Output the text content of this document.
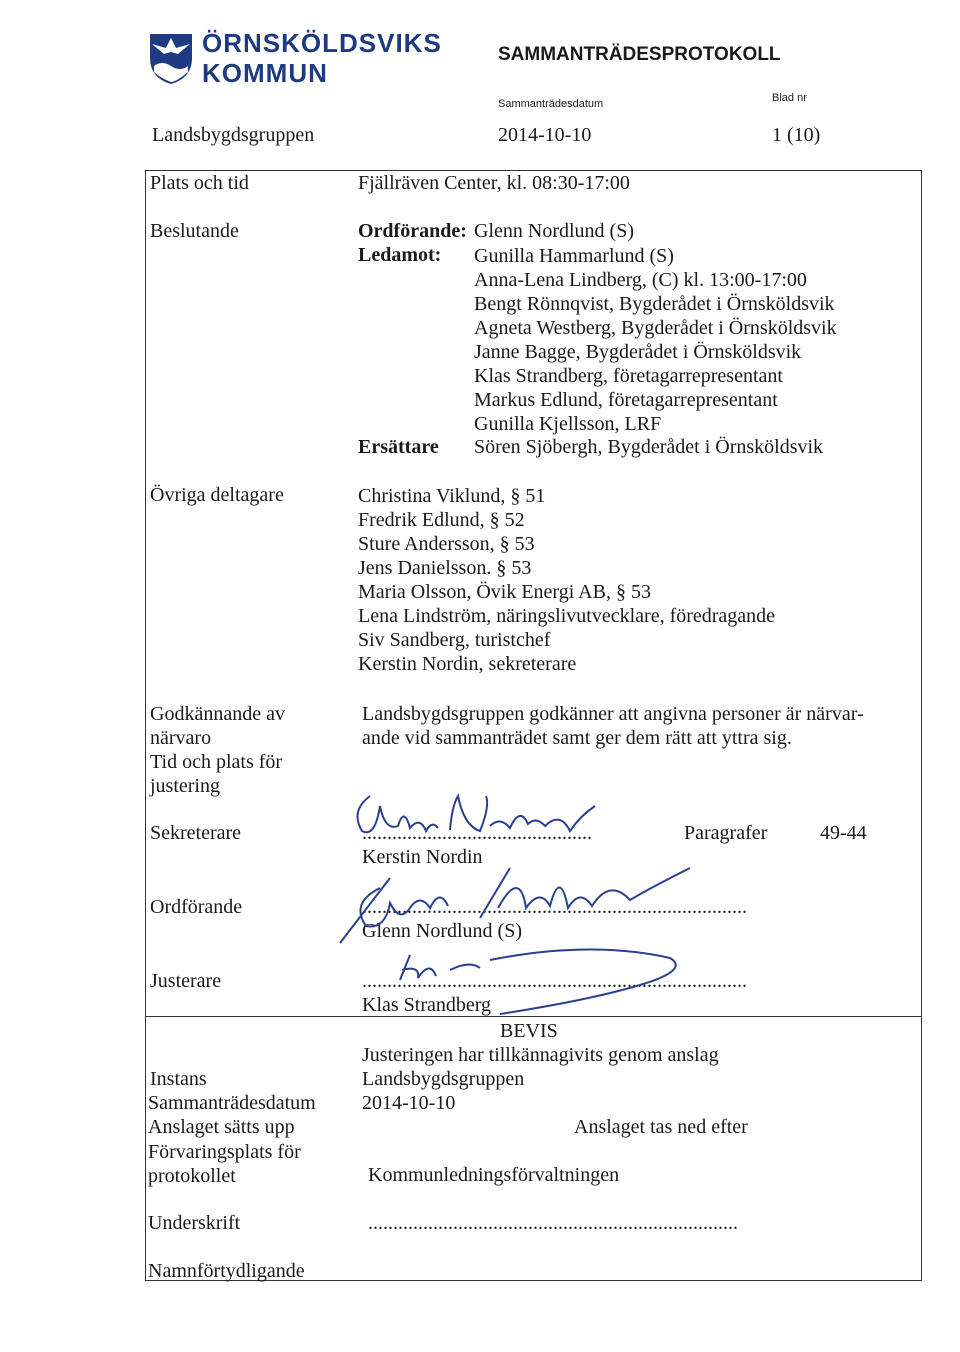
ÖRNSKÖLDSVIKS
KOMMUN
SAMMANTRÄDESPROTOKOLL
Sammanträdesdatum	Blad nr
Landsbygdsgruppen	2014-10-10	1 (10)
Plats och tid	Fjällräven Center, kl. 08:30-17:00
Beslutande	Ordförande: Glenn Nordlund (S)
Ledamot: Gunilla Hammarlund (S)
Anna-Lena Lindberg, (C) kl. 13:00-17:00
Bengt Rönnqvist, Bygderådet i Örnsköldsvik
Agneta Westberg, Bygderådet i Örnsköldsvik
Janne Bagge, Bygderådet i Örnsköldsvik
Klas Strandberg, företagarrepresentant
Markus Edlund, företagarrepresentant
Gunilla Kjellsson, LRF
Ersättare Sören Sjöbergh, Bygderådet i Örnsköldsvik
Övriga deltagare	Christina Viklund, § 51
Fredrik Edlund, § 52
Sture Andersson, § 53
Jens Danielsson. § 53
Maria Olsson, Övik Energi AB, § 53
Lena Lindström, näringslivutvecklare, föredragande
Siv Sandberg, turistchef
Kerstin Nordin, sekreterare
Godkännande av
närvaro
Landsbygdsgruppen godkänner att angivna personer är närvar-
ande vid sammanträdet samt ger dem rätt att yttra sig.
Tid och plats för
justering
Sekreterare	..............................................	Paragrafer	49-44
Kerstin Nordin
Ordförande	.............................................................................
Glenn Nordlund (S)
Justerare	.............................................................................
Klas Strandberg
BEVIS
Justeringen har tillkännagivits genom anslag
Instans	Landsbygdsgruppen
Sammanträdesdatum 2014-10-10
Anslaget sätts upp	Anslaget tas ned efter
Förvaringsplats för
protokollet	Kommunledningsförvaltningen
Underskrift	..........................................................................
Namnförtydligande
